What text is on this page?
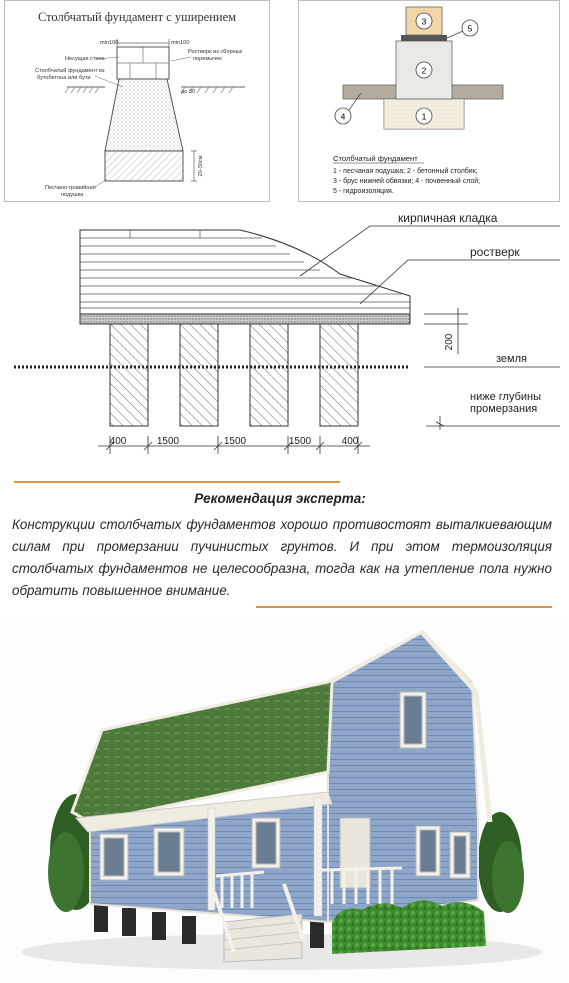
Столбчатый фундамент с уширением
min100	min100
Несущая стена
Столбчатый фундамент из
бутобетона или бути
Ростверк из сборных
перемычек
до 30
20-30см
Песчано-гравийная
подушка
3
2
1
5
4
Столбчатый фундамент
1 - песчаная подушка; 2 - бетонный столбик;
3 - брус нижней обвязки; 4 - почвенный слой;
5 - гидроизоляция.
кирпичная кладка
ростверк
200
земля
ниже глубины
промерзания
400	1500	1500	1500	400
Рекомендация эксперта:
Конструкции столбчатых фундаментов хорошо противостоят выталкиевающим силам при промерзании пучинистых грунтов. И при этом термоизоляция столбчатых фундаментов не целесообразна, тогда как на утепление пола нужно обратить повышенное внимание.
